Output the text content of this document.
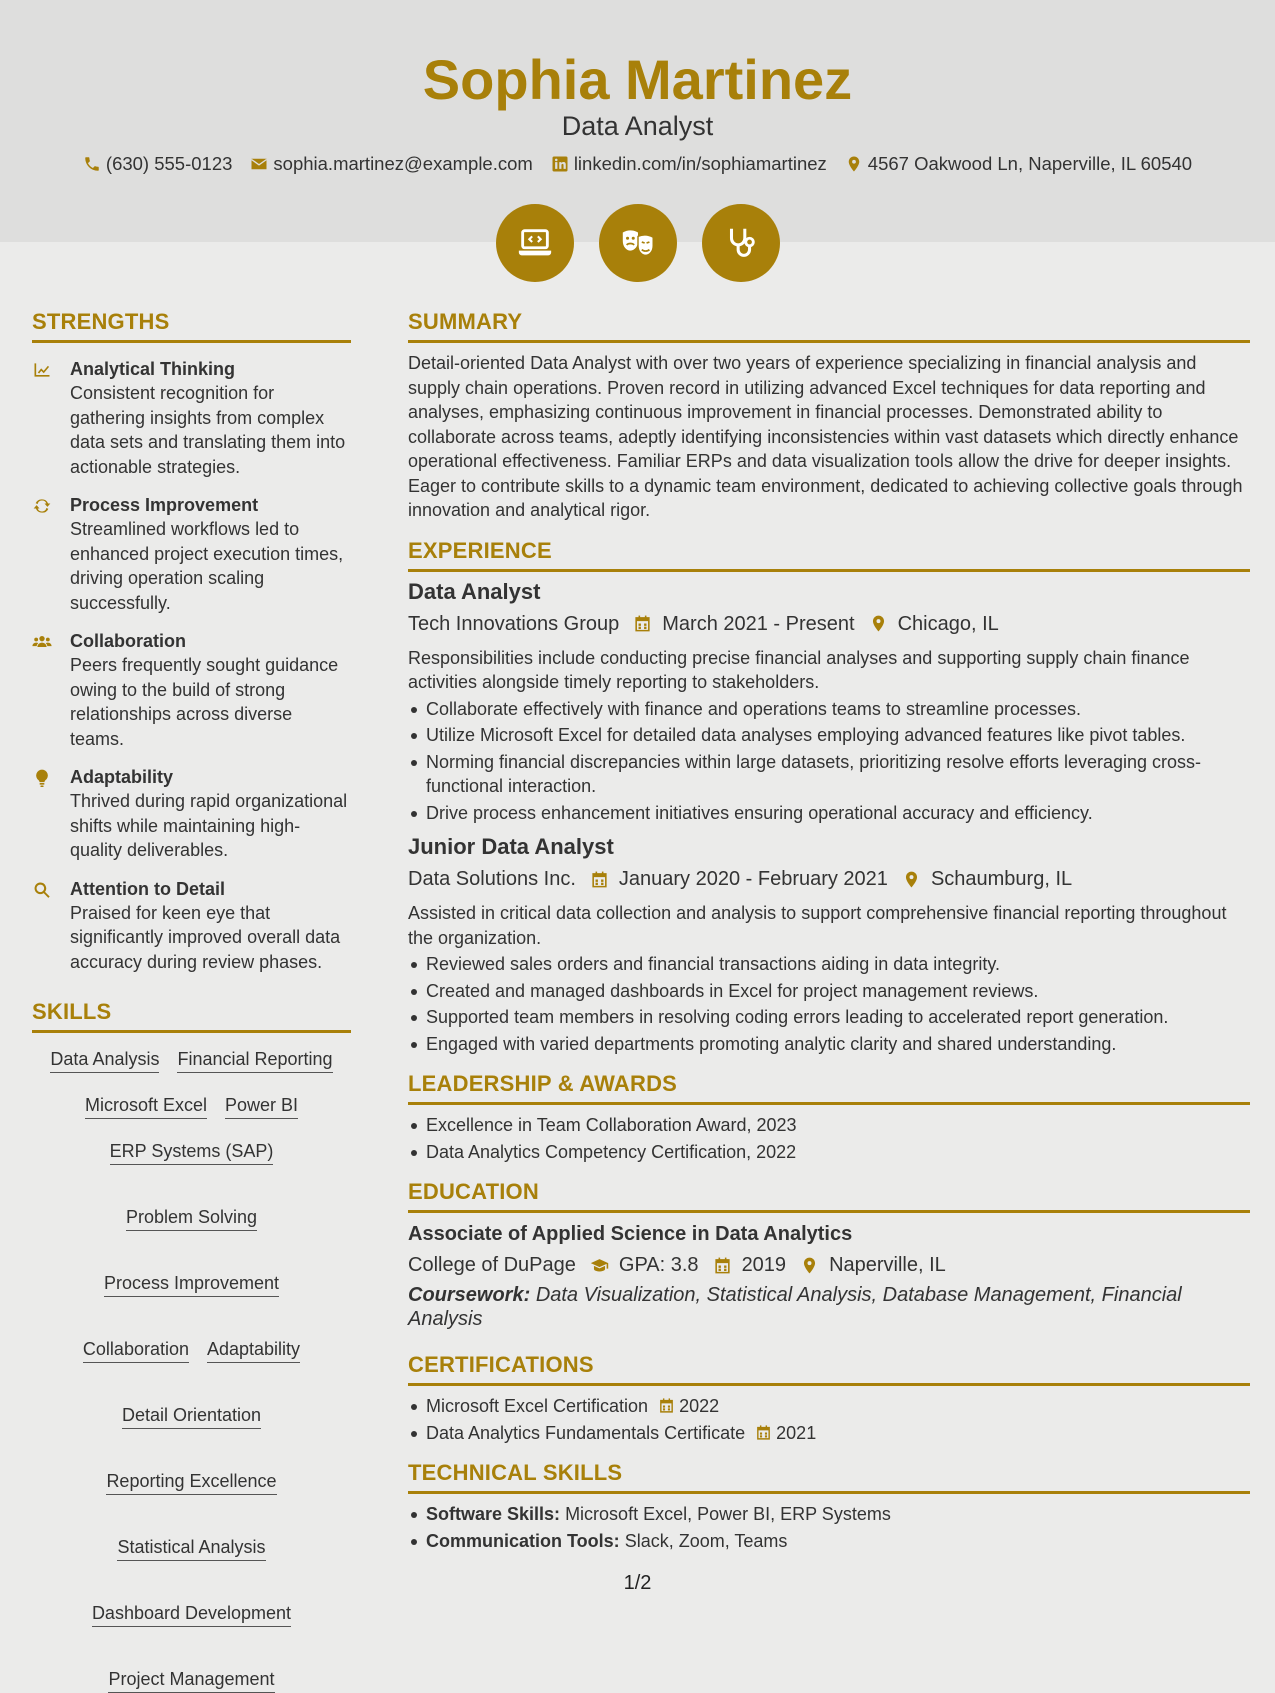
Sophia Martinez
Data Analyst
(630) 555-0123 sophia.martinez@example.com linkedin.com/in/sophiamartinez 4567 Oakwood Ln, Naperville, IL 60540
STRENGTHS
Analytical Thinking
Consistent recognition for gathering insights from complex data sets and translating them into actionable strategies.
Process Improvement
Streamlined workflows led to enhanced project execution times, driving operation scaling successfully.
Collaboration
Peers frequently sought guidance owing to the build of strong relationships across diverse teams.
Adaptability
Thrived during rapid organizational shifts while maintaining high-quality deliverables.
Attention to Detail
Praised for keen eye that significantly improved overall data accuracy during review phases.
SKILLS
Data Analysis Financial Reporting
Microsoft Excel Power BI
ERP Systems (SAP)
Problem Solving
Process Improvement
Collaboration Adaptability
Detail Orientation
Reporting Excellence
Statistical Analysis
Dashboard Development
Project Management
SUMMARY
Detail-oriented Data Analyst with over two years of experience specializing in financial analysis and supply chain operations. Proven record in utilizing advanced Excel techniques for data reporting and analyses, emphasizing continuous improvement in financial processes. Demonstrated ability to collaborate across teams, adeptly identifying inconsistencies within vast datasets which directly enhance operational effectiveness. Familiar ERPs and data visualization tools allow the drive for deeper insights. Eager to contribute skills to a dynamic team environment, dedicated to achieving collective goals through innovation and analytical rigor.
EXPERIENCE
Data Analyst
Tech Innovations Group March 2021 - Present Chicago, IL
Responsibilities include conducting precise financial analyses and supporting supply chain finance activities alongside timely reporting to stakeholders.
Collaborate effectively with finance and operations teams to streamline processes.
Utilize Microsoft Excel for detailed data analyses employing advanced features like pivot tables.
Norming financial discrepancies within large datasets, prioritizing resolve efforts leveraging cross-functional interaction.
Drive process enhancement initiatives ensuring operational accuracy and efficiency.
Junior Data Analyst
Data Solutions Inc. January 2020 - February 2021 Schaumburg, IL
Assisted in critical data collection and analysis to support comprehensive financial reporting throughout the organization.
Reviewed sales orders and financial transactions aiding in data integrity.
Created and managed dashboards in Excel for project management reviews.
Supported team members in resolving coding errors leading to accelerated report generation.
Engaged with varied departments promoting analytic clarity and shared understanding.
LEADERSHIP & AWARDS
Excellence in Team Collaboration Award, 2023
Data Analytics Competency Certification, 2022
EDUCATION
Associate of Applied Science in Data Analytics
College of DuPage GPA: 3.8 2019 Naperville, IL
Coursework: Data Visualization, Statistical Analysis, Database Management, Financial Analysis
CERTIFICATIONS
Microsoft Excel Certification 2022
Data Analytics Fundamentals Certificate 2021
TECHNICAL SKILLS
Software Skills: Microsoft Excel, Power BI, ERP Systems
Communication Tools: Slack, Zoom, Teams
1/2
